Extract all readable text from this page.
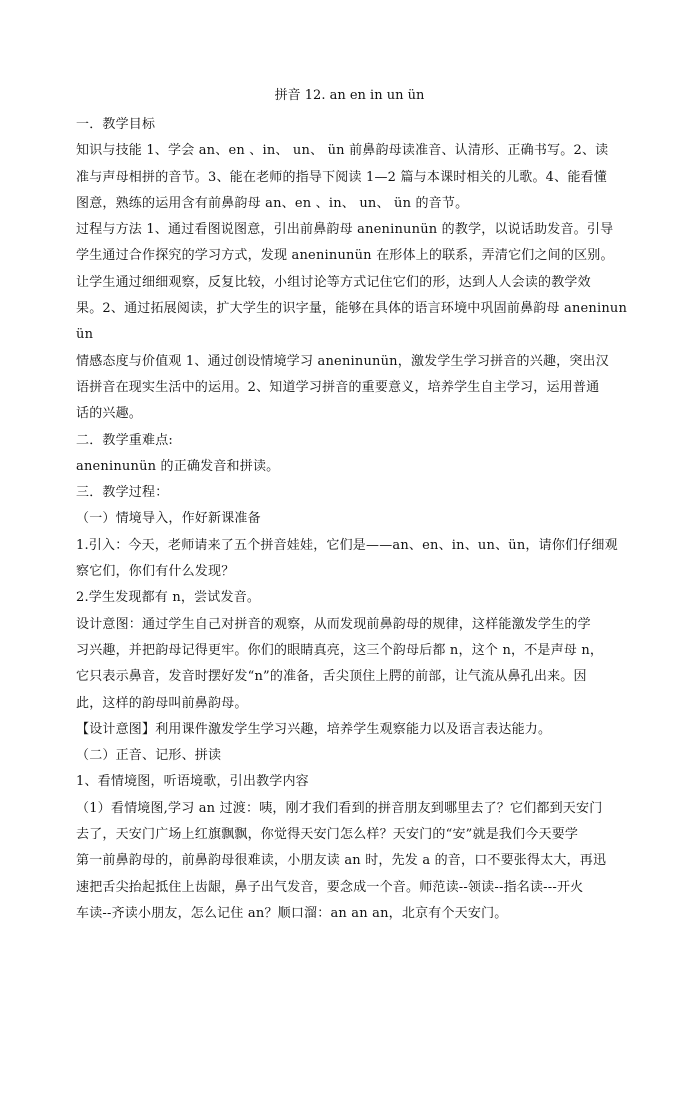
拼音 12. an en in un ün
一．教学目标
知识与技能 1、学会 an、en 、in、 un、 ün 前鼻韵母读准音、认清形、正确书写。2、读
准与声母相拼的音节。3、能在老师的指导下阅读 1—2 篇与本课时相关的儿歌。4、能看懂
图意，熟练的运用含有前鼻韵母 an、en 、in、 un、 ün 的音节。
过程与方法 1、通过看图说图意，引出前鼻韵母 aneninunün 的教学，以说话助发音。引导
学生通过合作探究的学习方式，发现 aneninunün 在形体上的联系，弄清它们之间的区别。
让学生通过细细观察，反复比较，小组讨论等方式记住它们的形，达到人人会读的教学效
果。2、通过拓展阅读，扩大学生的识字量，能够在具体的语言环境中巩固前鼻韵母 aneninun
ün
情感态度与价值观 1、通过创设情境学习 aneninunün，激发学生学习拼音的兴趣，突出汉
语拼音在现实生活中的运用。2、知道学习拼音的重要意义，培养学生自主学习，运用普通
话的兴趣。
二．教学重难点:
aneninunün 的正确发音和拼读。
三．教学过程：
（一）情境导入，作好新课准备
1.引入：今天，老师请来了五个拼音娃娃，它们是——an、en、in、un、ün，请你们仔细观
察它们，你们有什么发现？
2.学生发现都有 n，尝试发音。
设计意图：通过学生自己对拼音的观察，从而发现前鼻韵母的规律，这样能激发学生的学
习兴趣，并把韵母记得更牢。你们的眼睛真亮，这三个韵母后都 n，这个 n，不是声母 n，
它只表示鼻音，发音时摆好发“n”的准备，舌尖顶住上腭的前部，让气流从鼻孔出来。因
此，这样的韵母叫前鼻韵母。
【设计意图】利用课件激发学生学习兴趣，培养学生观察能力以及语言表达能力。
（二）正音、记形、拼读
1、看情境图，听语境歌，引出教学内容
（1）看情境图,学习 an 过渡：咦，刚才我们看到的拼音朋友到哪里去了？它们都到天安门
去了，天安门广场上红旗飘飘，你觉得天安门怎么样？天安门的“安”就是我们今天要学
第一前鼻韵母的，前鼻韵母很难读，小朋友读 an 时，先发 a 的音，口不要张得太大，再迅
速把舌尖抬起抵住上齿龈，鼻子出气发音，要念成一个音。师范读--领读--指名读---开火
车读--齐读小朋友，怎么记住 an？顺口溜：an an an，北京有个天安门。
